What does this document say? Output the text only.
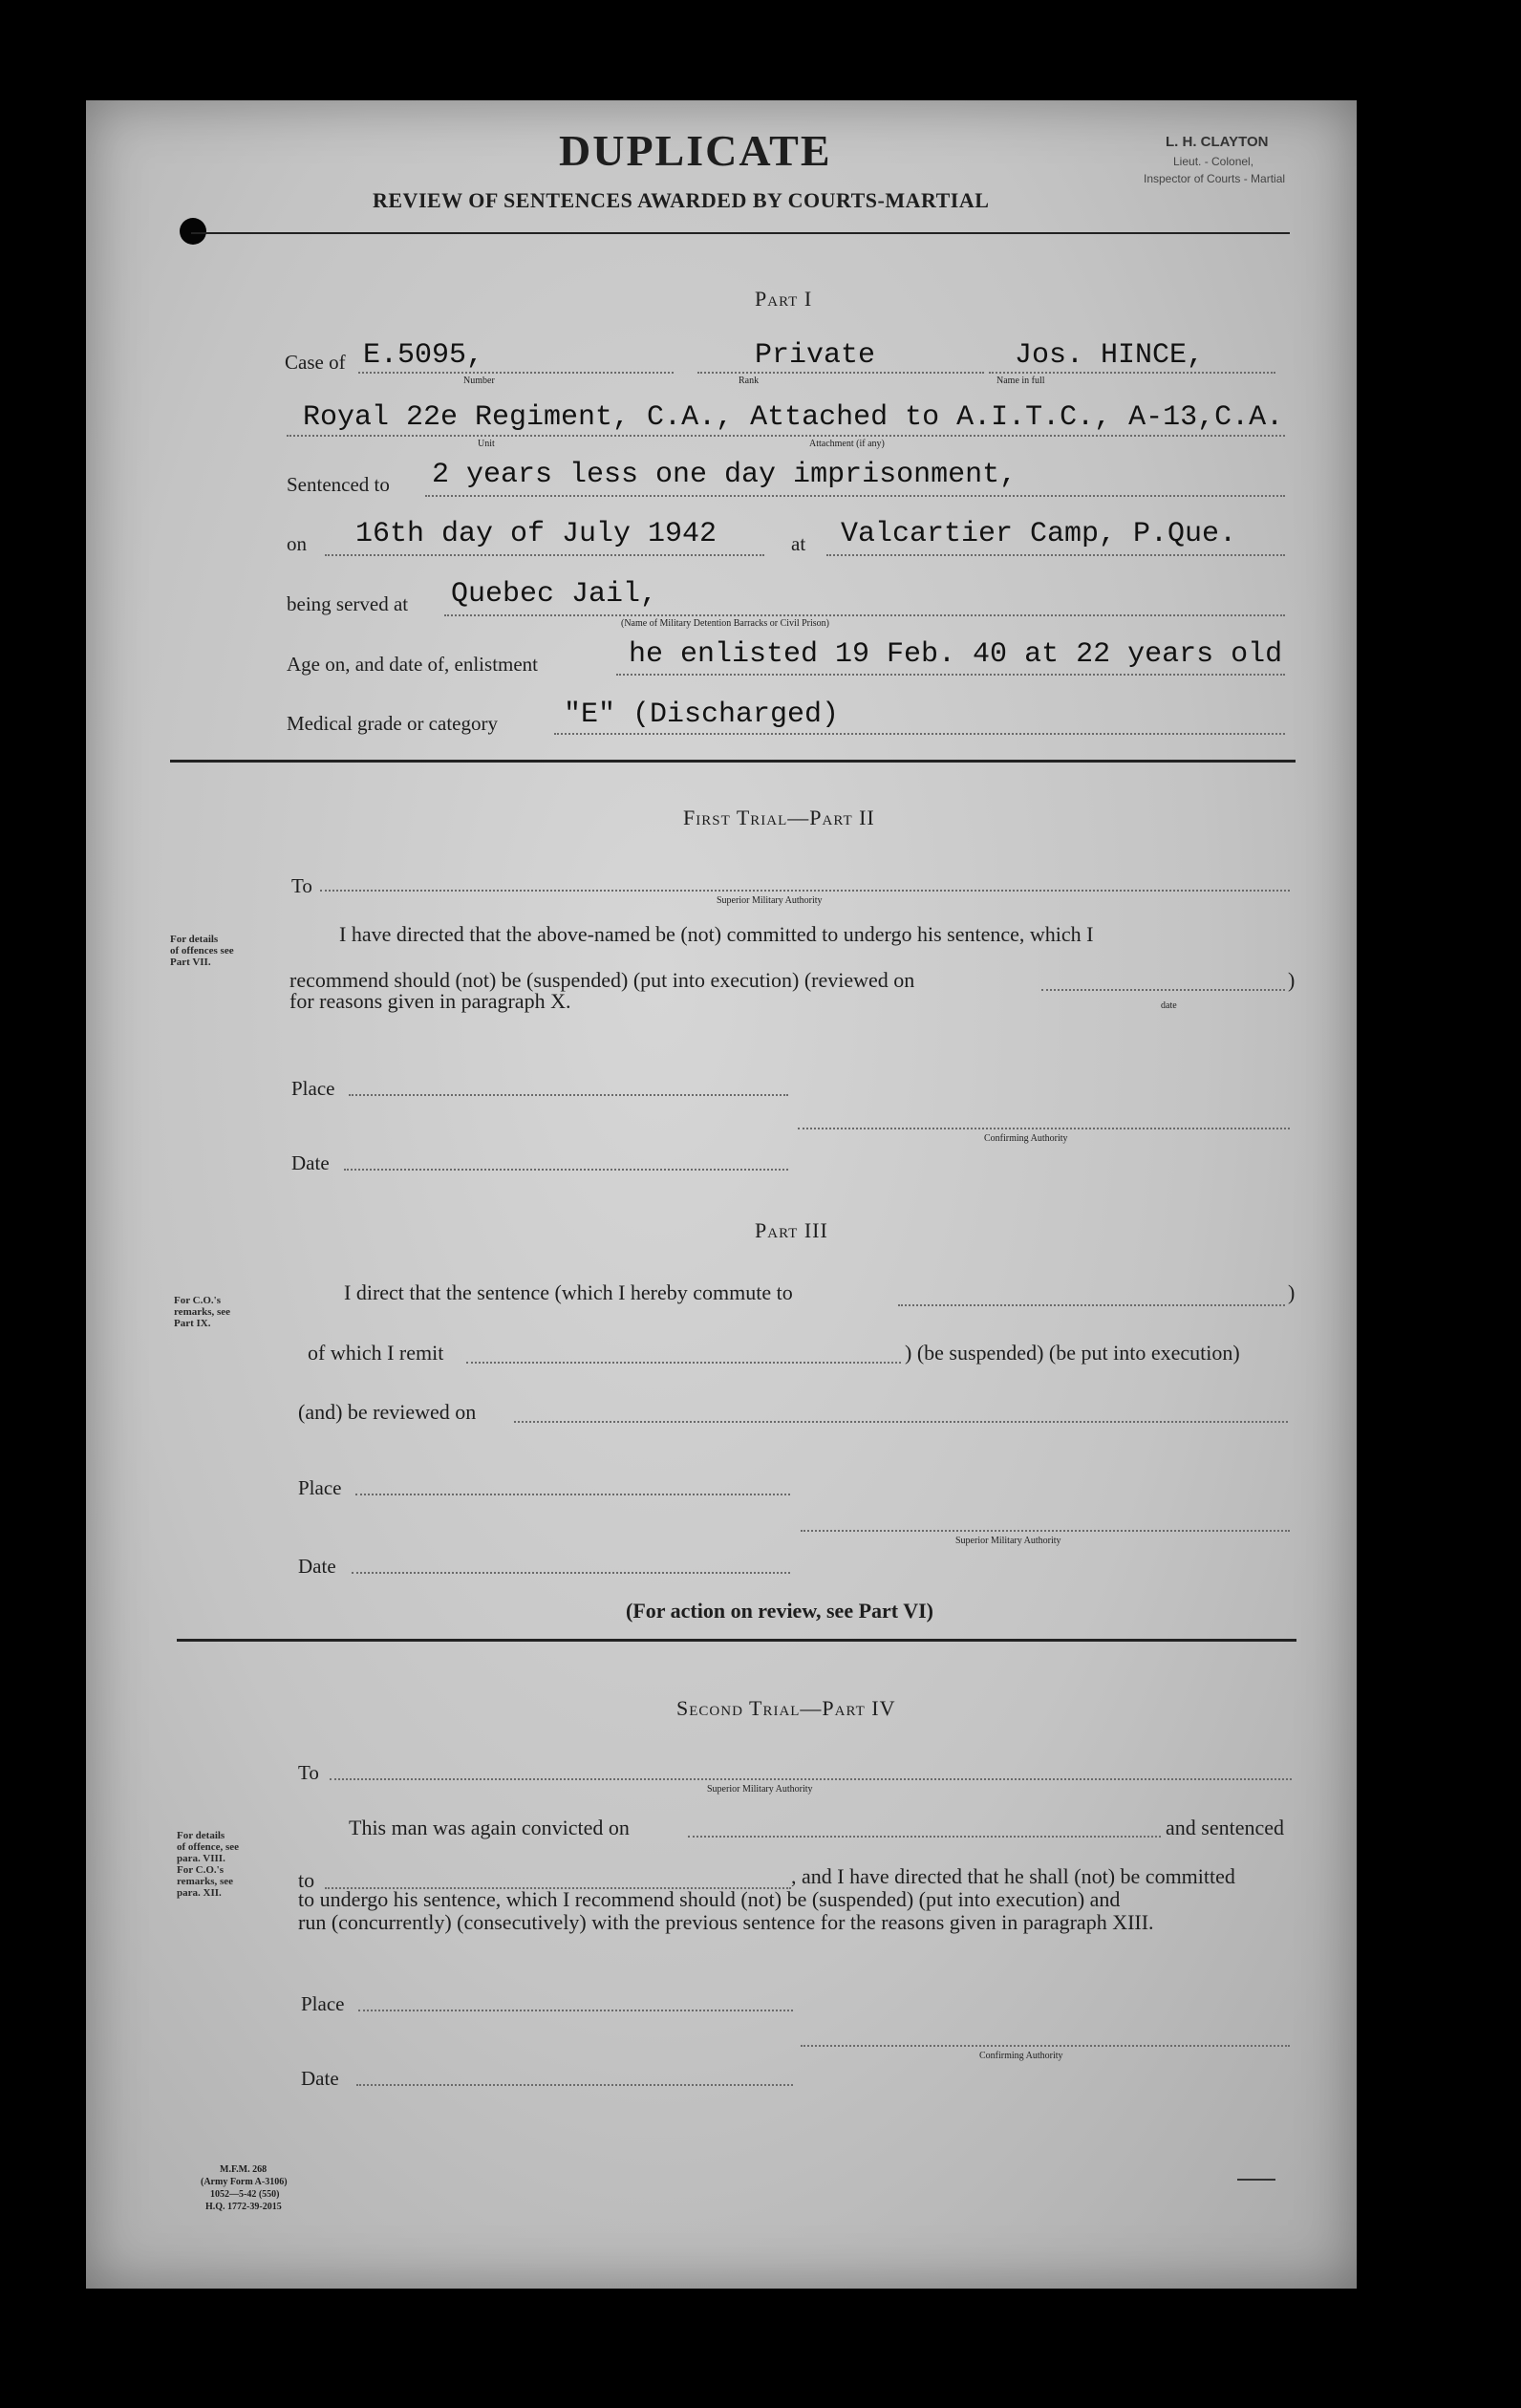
DUPLICATE
REVIEW OF SENTENCES AWARDED BY COURTS-MARTIAL
L. H. CLAYTON
Lieut. - Colonel,
Inspector of Courts - Martial
Part I
Case of E.5095,
Number
Private
Rank
Jos. HINCE,
Name in full
Royal 22e Regiment, C.A., Attached to A.I.T.C., A-13,C.A.
Unit	Attachment (if any)
Sentenced to 2 years less one day imprisonment,
on 16th day of July 1942	at Valcartier Camp, P.Que.
being served at Quebec Jail,
(Name of Military Detention Barracks or Civil Prison)
Age on, and date of, enlistment	he enlisted 19 Feb. 40 at 22 years old
Medical grade or category "E" (Discharged)
First Trial—Part II
To
Superior Military Authority
For details
of offences see
Part VII.
I have directed that the above-named be (not) committed to undergo his sentence, which I
recommend should (not) be (suspended) (put into execution) (reviewed on	)
date
for reasons given in paragraph X.
Place
Confirming Authority
Date
Part III
For C.O.'s
remarks, see
Part IX.
I direct that the sentence (which I hereby commute to	)
of which I remit	) (be suspended) (be put into execution)
(and) be reviewed on
Place
Superior Military Authority
Date
(For action on review, see Part VI)
Second Trial—Part IV
To
Superior Military Authority
For details
of offence, see
para. VIII.
For C.O.'s
remarks, see
para. XII.
This man was again convicted on	and sentenced
to	, and I have directed that he shall (not) be committed
to undergo his sentence, which I recommend should (not) be (suspended) (put into execution) and
run (concurrently) (consecutively) with the previous sentence for the reasons given in paragraph XIII.
Place
Confirming Authority
Date
M.F.M. 268
(Army Form A-3106)
1052—5-42 (550)
H.Q. 1772-39-2015
